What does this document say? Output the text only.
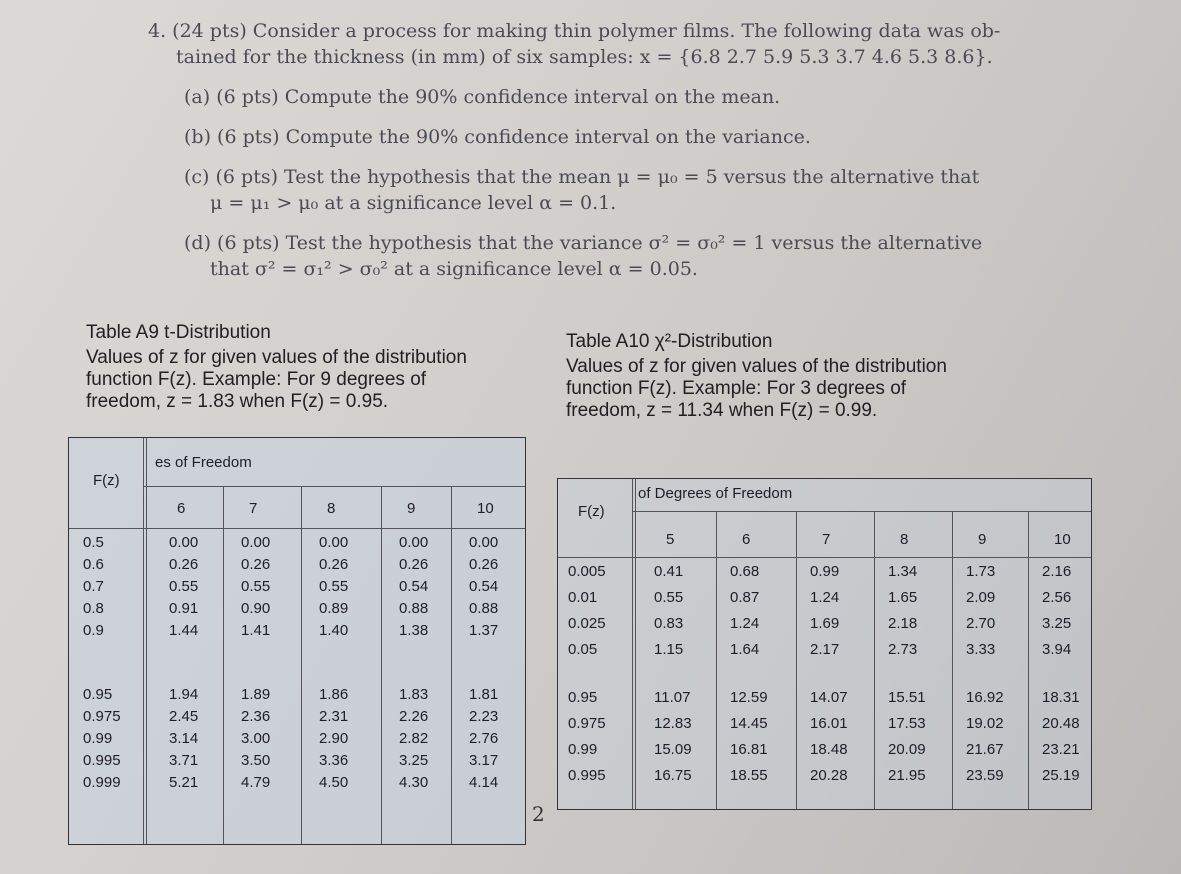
4. (24 pts) Consider a process for making thin polymer films. The following data was ob-

tained for the thickness (in mm) of six samples: x = {6.8 2.7 5.9 5.3 3.7 4.6 5.3 8.6}.

(a) (6 pts) Compute the 90% confidence interval on the mean.

(b) (6 pts) Compute the 90% confidence interval on the variance.

(c) (6 pts) Test the hypothesis that the mean μ = μ₀ = 5 versus the alternative that

μ = μ₁ > μ₀ at a significance level α = 0.1.

(d) (6 pts) Test the hypothesis that the variance σ² = σ₀² = 1 versus the alternative

that σ² = σ₁² > σ₀² at a significance level α = 0.05.

Table A9 t-Distribution
Values of z for given values of the distribution
function F(z). Example: For 9 degrees of
freedom, z = 1.83 when F(z) = 0.95.
Table A10 χ²-Distribution
Values of z for given values of the distribution
function F(z). Example: For 3 degrees of
freedom, z = 11.34 when F(z) = 0.99.
F(z)
es of Freedom
6	7	8	9	10
0.5	0.00	0.00	0.00	0.00	0.00
0.6	0.26	0.26	0.26	0.26	0.26
0.7	0.55	0.55	0.55	0.54	0.54
0.8	0.91	0.90	0.89	0.88	0.88
0.9	1.44	1.41	1.40	1.38	1.37
0.95	1.94	1.89	1.86	1.83	1.81
0.975	2.45	2.36	2.31	2.26	2.23
0.99	3.14	3.00	2.90	2.82	2.76
0.995	3.71	3.50	3.36	3.25	3.17
0.999	5.21	4.79	4.50	4.30	4.14
F(z)
of Degrees of Freedom
5	6	7	8	9	10
0.005	0.41	0.68	0.99	1.34	1.73	2.16
0.01	0.55	0.87	1.24	1.65	2.09	2.56
0.025	0.83	1.24	1.69	2.18	2.70	3.25
0.05	1.15	1.64	2.17	2.73	3.33	3.94
0.95	11.07	12.59	14.07	15.51	16.92	18.31
0.975	12.83	14.45	16.01	17.53	19.02	20.48
0.99	15.09	16.81	18.48	20.09	21.67	23.21
0.995	16.75	18.55	20.28	21.95	23.59	25.19
2
